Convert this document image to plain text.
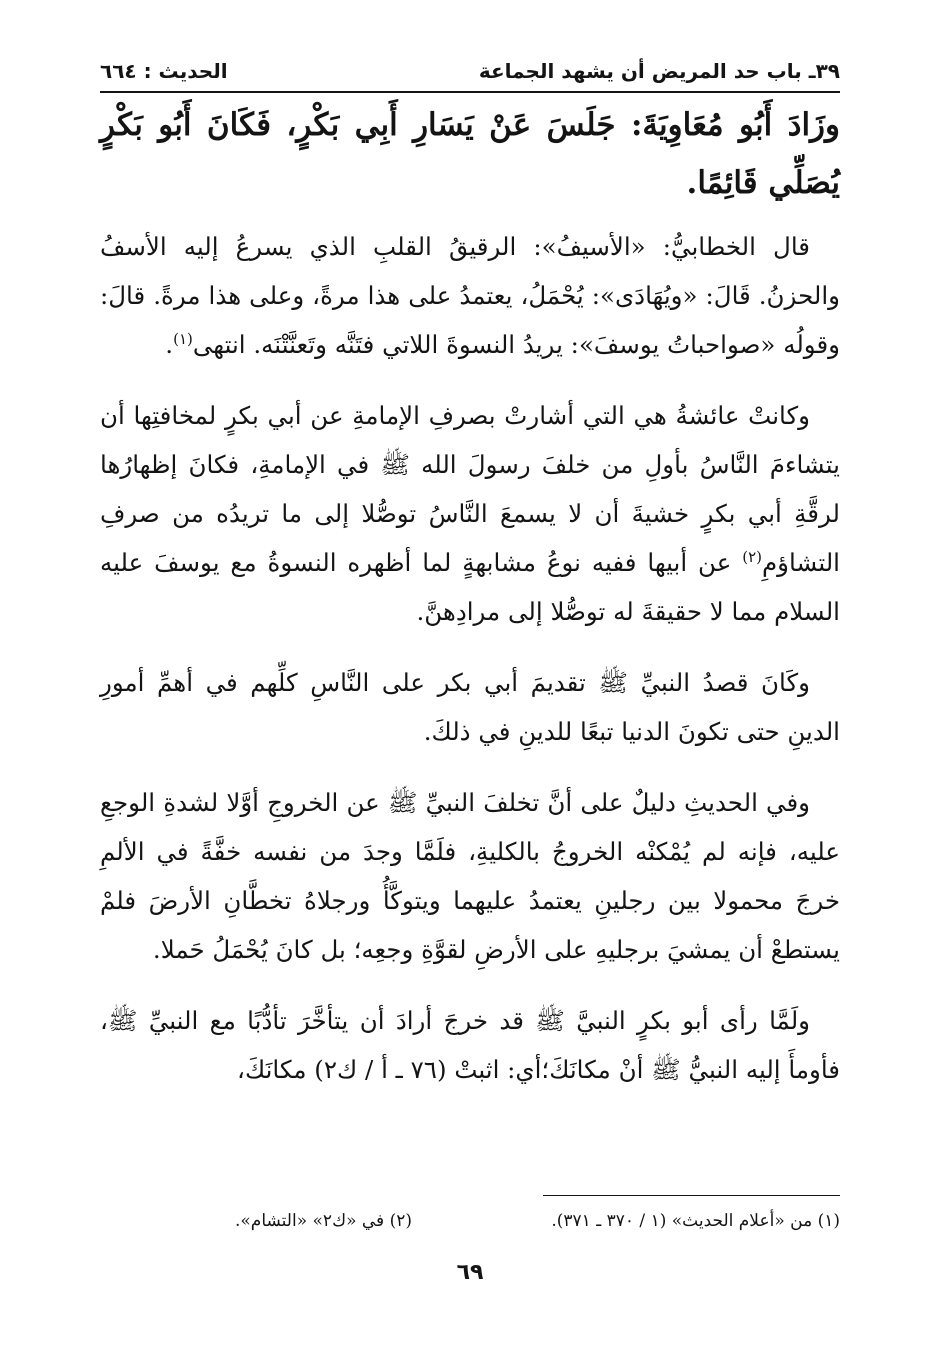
٣٩ـ باب حد المريض أن يشهد الجماعة
الحديث : ٦٦٤

وزَادَ أَبُو مُعَاوِيَةَ: جَلَسَ عَنْ يَسَارِ أَبِي بَكْرٍ، فَكَانَ أَبُو بَكْرٍ يُصَلِّي قَائِمًا.

قال الخطابيُّ: «الأسيفُ»: الرقيقُ القلبِ الذي يسرعُ إليه الأسفُ والحزنُ. قَالَ: «ويُهَادَى»: يُحْمَلُ، يعتمدُ على هذا مرةً، وعلى هذا مرةً. قالَ: وقولُه «صواحباتُ يوسفَ»: يريدُ النسوةَ اللاتي فتَنَّه وتَعنَّتْنَه. انتهى$^{(١)}$.

وكانتْ عائشةُ هي التي أشارتْ بصرفِ الإمامةِ عن أبي بكرٍ لمخافتِها أن يتشاءمَ النَّاسُ بأولِ من خلفَ رسولَ الله ﷺ في الإمامةِ، فكانَ إظهارُها لرقَّةِ أبي بكرٍ خشيةَ أن لا يسمعَ النَّاسُ توصُّلا إلى ما تريدُه من صرفِ التشاؤمِ$^{(٢)}$ عن أبيها ففيه نوعُ مشابهةٍ لما أظهره النسوةُ مع يوسفَ عليه السلام مما لا حقيقةَ له توصُّلا إلى مرادِهنَّ.

وكَانَ قصدُ النبيِّ ﷺ تقديمَ أبي بكر على النَّاسِ كلِّهم في أهمِّ أمورِ الدينِ حتى تكونَ الدنيا تبعًا للدينِ في ذلكَ.

وفي الحديثِ دليلٌ على أنَّ تخلفَ النبيِّ ﷺ عن الخروجِ أوَّلا لشدةِ الوجعِ عليه، فإنه لم يُمْكنْه الخروجُ بالكليةِ، فلَمَّا وجدَ من نفسه خفَّةً في الألمِ خرجَ محمولا بين رجلينِ يعتمدُ عليهما ويتوكَّأُ ورجلاهُ تخطَّانِ الأرضَ فلمْ يستطعْ أن يمشيَ برجليهِ على الأرضِ لقوَّةِ وجعِه؛ بل كانَ يُحْمَلُ حَملا.

ولَمَّا رأى أبو بكرٍ النبيَّ ﷺ قد خرجَ أرادَ أن يتأخَّرَ تأدُّبًا مع النبيِّ ﷺ، فأومأَ إليه النبيُّ ﷺ أنْ مكانَكَ؛أي: اثبتْ (٧٦ ـ أ / ك٢) مكانَكَ،

(١) من «أعلام الحديث» (١ / ٣٧٠ ـ ٣٧١).
(٢) في «ك٢» «التشام».
٦٩
